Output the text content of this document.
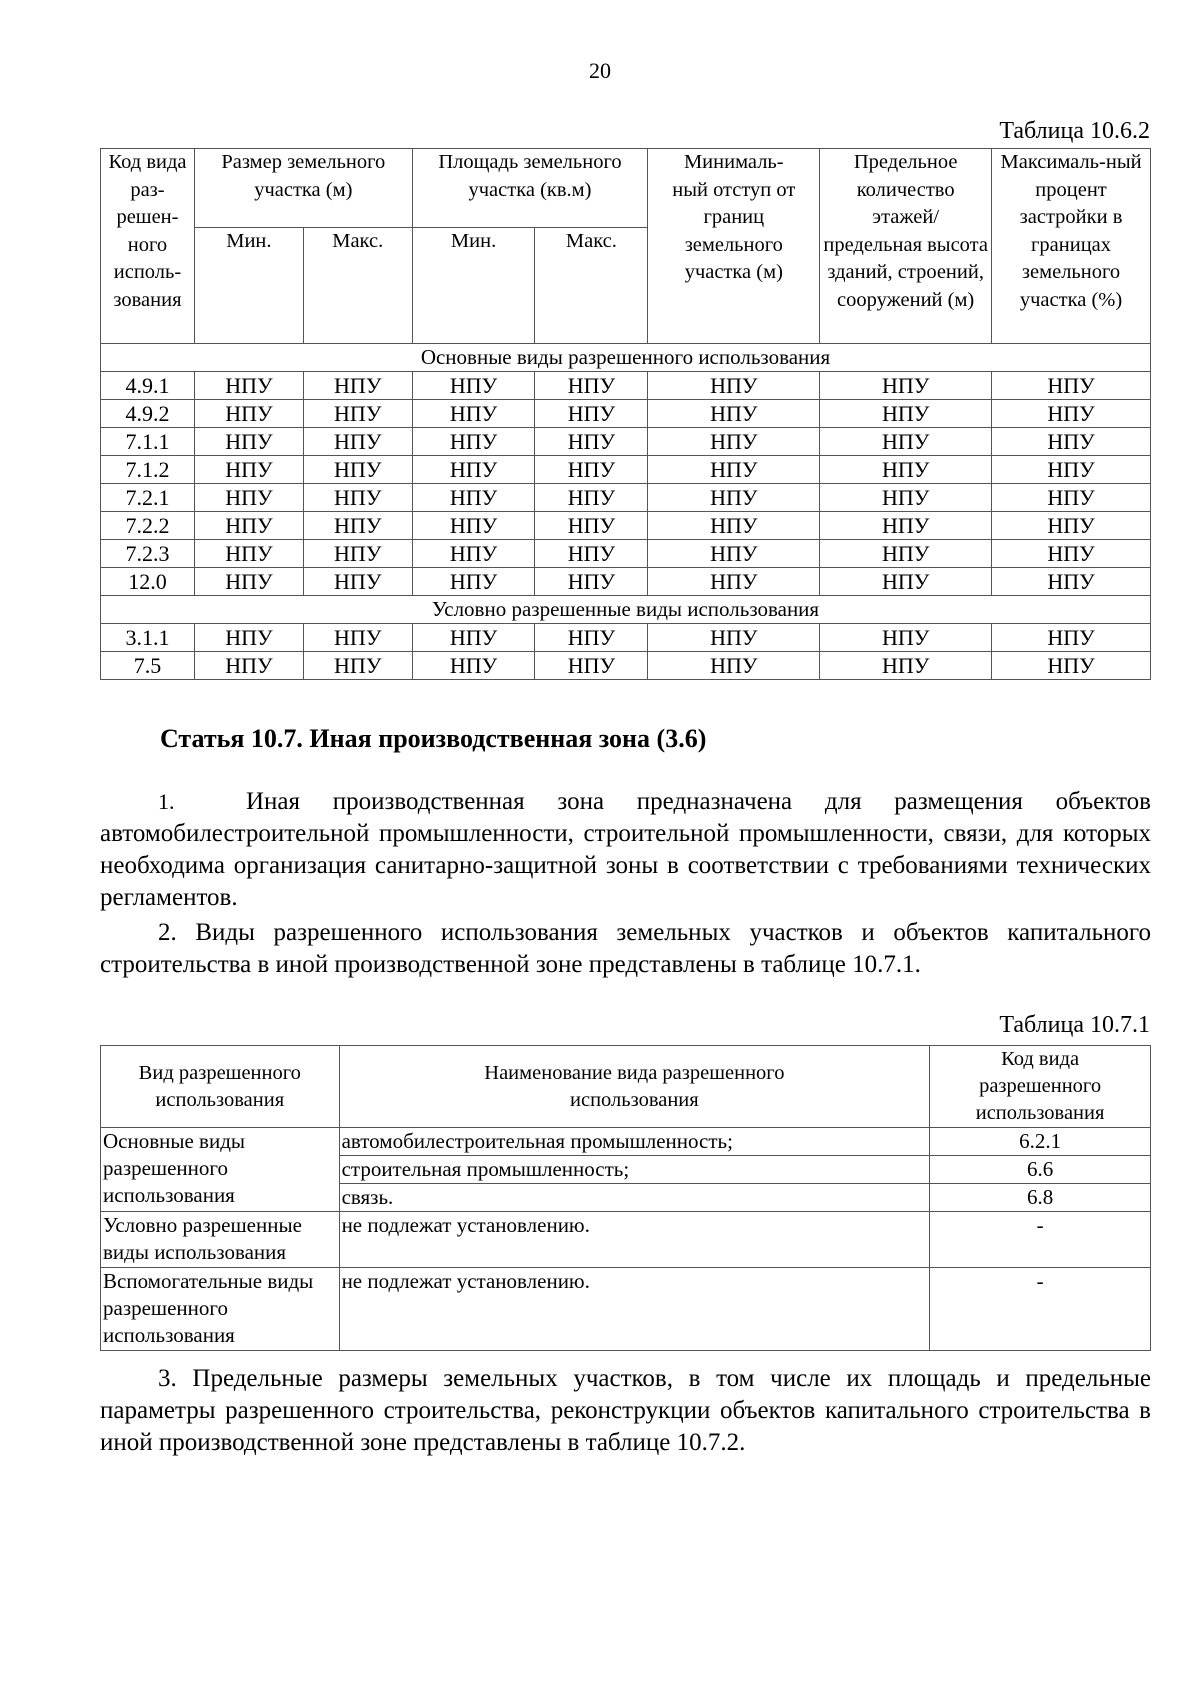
20
Таблица 10.6.2
Код вида раз-решен-ного исполь-зования	Размер земельного участка (м)		Площадь земельного участка (кв.м)		Минималь-ный отступ от границ земельного участка (м)	Предельное количество этажей/ предельная высота зданий, строений, сооружений (м)	Максималь-ный процент застройки в границах земельного участка (%)
	Мин.	Макс.	Мин.	Макс.			
Основные виды разрешенного использования							
4.9.1	НПУ	НПУ	НПУ	НПУ	НПУ	НПУ	НПУ
4.9.2	НПУ	НПУ	НПУ	НПУ	НПУ	НПУ	НПУ
7.1.1	НПУ	НПУ	НПУ	НПУ	НПУ	НПУ	НПУ
7.1.2	НПУ	НПУ	НПУ	НПУ	НПУ	НПУ	НПУ
7.2.1	НПУ	НПУ	НПУ	НПУ	НПУ	НПУ	НПУ
7.2.2	НПУ	НПУ	НПУ	НПУ	НПУ	НПУ	НПУ
7.2.3	НПУ	НПУ	НПУ	НПУ	НПУ	НПУ	НПУ
12.0	НПУ	НПУ	НПУ	НПУ	НПУ	НПУ	НПУ
Условно разрешенные виды использования							
3.1.1	НПУ	НПУ	НПУ	НПУ	НПУ	НПУ	НПУ
7.5	НПУ	НПУ	НПУ	НПУ	НПУ	НПУ	НПУ
Статья 10.7. Иная производственная зона (3.6)

1.	Иная производственная зона предназначена для размещения объектов автомобилестроительной промышленности, строительной промышленности, связи, для которых необходима организация санитарно-защитной зоны в соответствии с требованиями технических регламентов.

2. Виды разрешенного использования земельных участков и объектов капитального строительства в иной производственной зоне представлены в таблице 10.7.1.

Таблица 10.7.1
Вид разрешенного использования	Наименование вида разрешенного использования	Код вида разрешенного использования
Основные виды разрешенного использования	автомобилестроительная промышленность;	6.2.1
	строительная промышленность;	6.6
	связь.	6.8
Условно разрешенные виды использования	не подлежат установлению.	-
Вспомогательные виды разрешенного использования	не подлежат установлению.	-

3. Предельные размеры земельных участков, в том числе их площадь и предельные параметры разрешенного строительства, реконструкции объектов капитального строительства в иной производственной зоне представлены в таблице 10.7.2.
